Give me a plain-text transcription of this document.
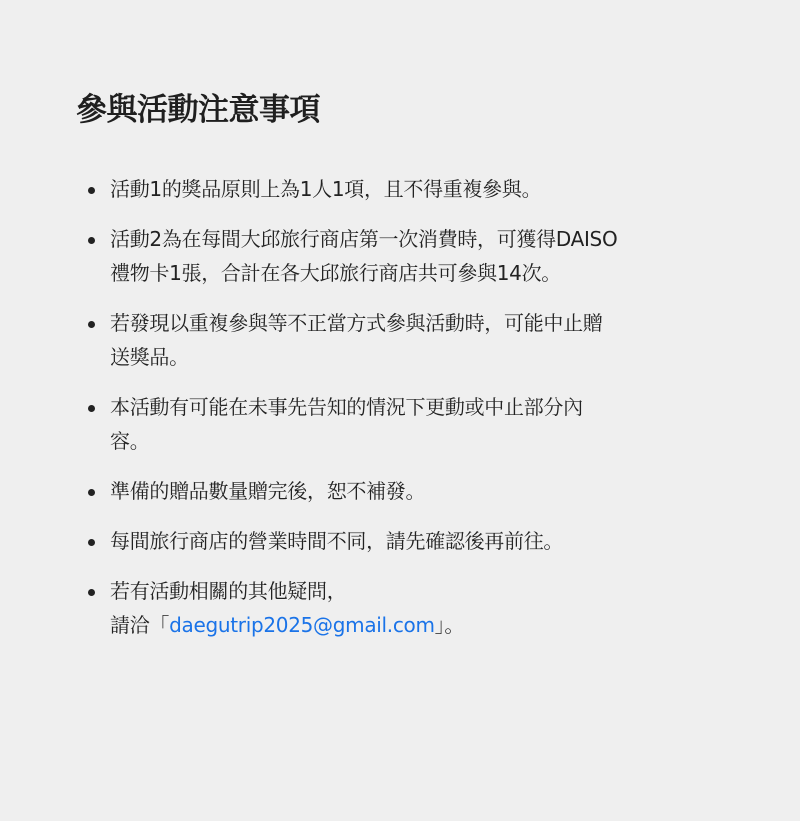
參與活動注意事項
活動1的獎品原則上為1人1項，且不得重複參與。
活動2為在每間大邱旅行商店第一次消費時，可獲得DAISO
禮物卡1張，合計在各大邱旅行商店共可參與14次。
若發現以重複參與等不正當方式參與活動時，可能中止贈
送獎品。
本活動有可能在未事先告知的情況下更動或中止部分內
容。
準備的贈品數量贈完後，恕不補發。
每間旅行商店的營業時間不同，請先確認後再前往。
若有活動相關的其他疑問，
請洽「daegutrip2025@gmail.com」。
